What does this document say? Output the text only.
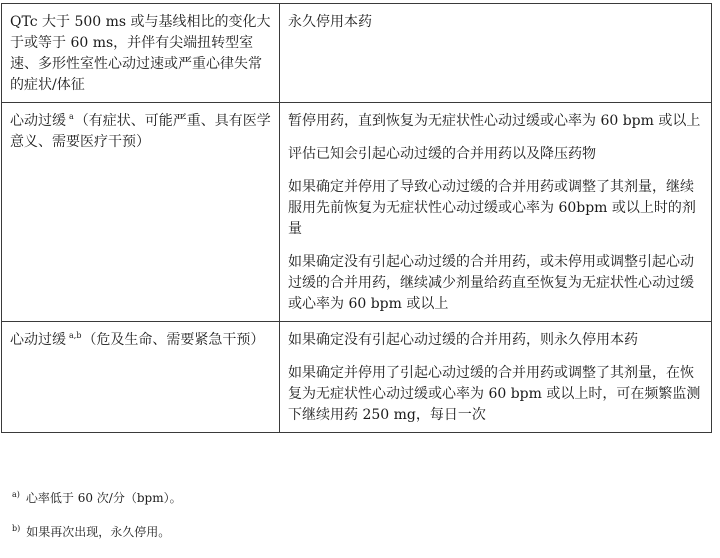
QTc 大于 500 ms 或与基线相比的变化大于或等于 60 ms，并伴有尖端扭转型室速、多形性室性心动过速或严重心律失常的症状/体征	永久停用本药

心动过缓 $^a$（有症状、可能严重、具有医学意义、需要医疗干预）	暂停用药，直到恢复为无症状性心动过缓或心率为 60 bpm 或以上
评估已知会引起心动过缓的合并用药以及降压药物
如果确定并停用了导致心动过缓的合并用药或调整了其剂量，继续服用先前恢复为无症状性心动过缓或心率为 60bpm 或以上时的剂量
如果确定没有引起心动过缓的合并用药，或未停用或调整引起心动过缓的合并用药，继续减少剂量给药直至恢复为无症状性心动过缓或心率为 60 bpm 或以上

心动过缓 $^{a,b}$（危及生命、需要紧急干预）	如果确定没有引起心动过缓的合并用药，则永久停用本药
如果确定并停用了引起心动过缓的合并用药或调整了其剂量，在恢复为无症状性心动过缓或心率为 60 bpm 或以上时，可在频繁监测下继续用药 250 mg，每日一次
$^{a)}$ 心率低于 60 次/分（bpm）。
$^{b)}$ 如果再次出现，永久停用。
